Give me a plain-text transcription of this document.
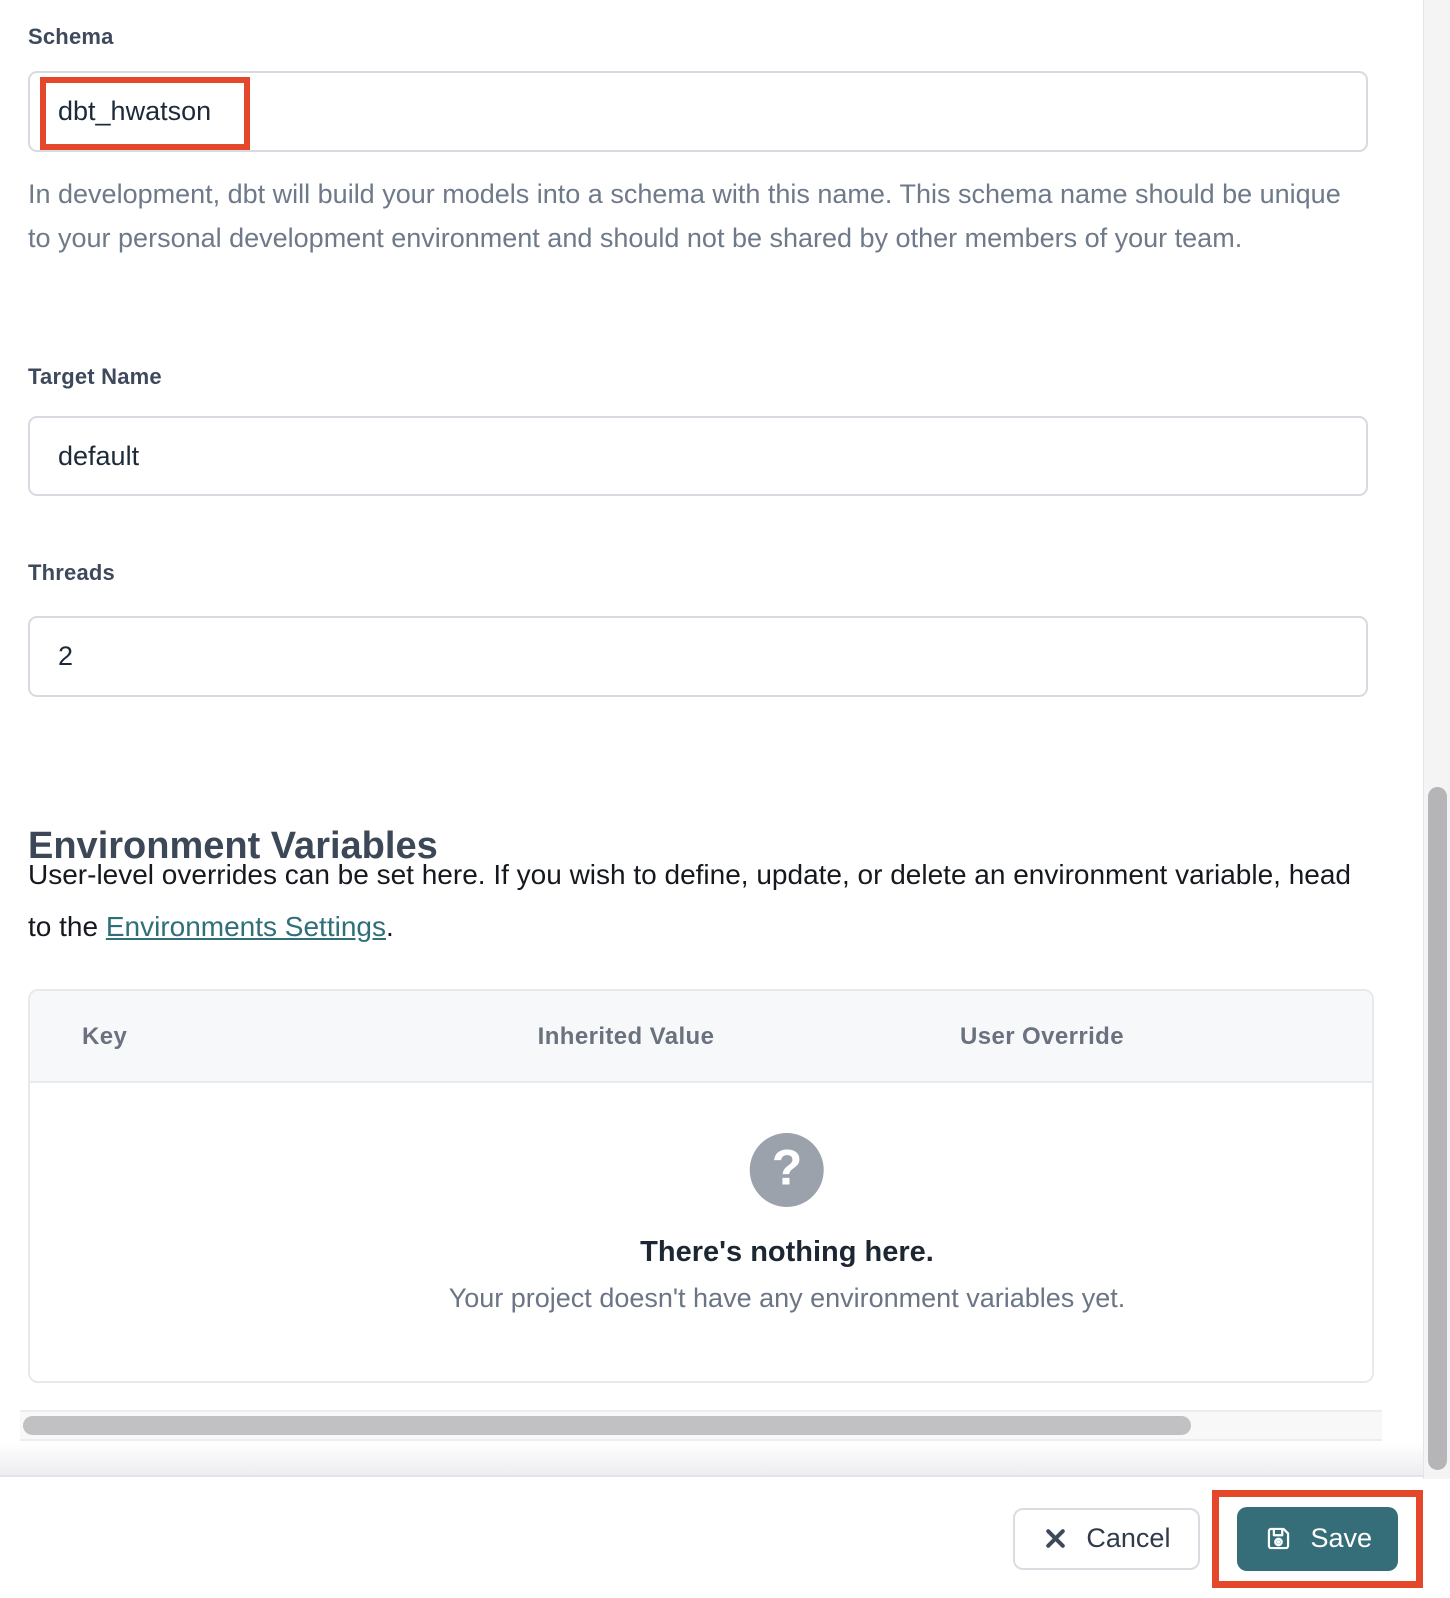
Schema
dbt_hwatson
In development, dbt will build your models into a schema with this name. This schema name should be unique to your personal development environment and should not be shared by other members of your team.
Target Name
default
Threads
2
Environment Variables
User-level overrides can be set here. If you wish to define, update, or delete an environment variable, head to the Environments Settings.
Key	Inherited Value	User Override
?
There's nothing here.
Your project doesn't have any environment variables yet.
Cancel	Save
